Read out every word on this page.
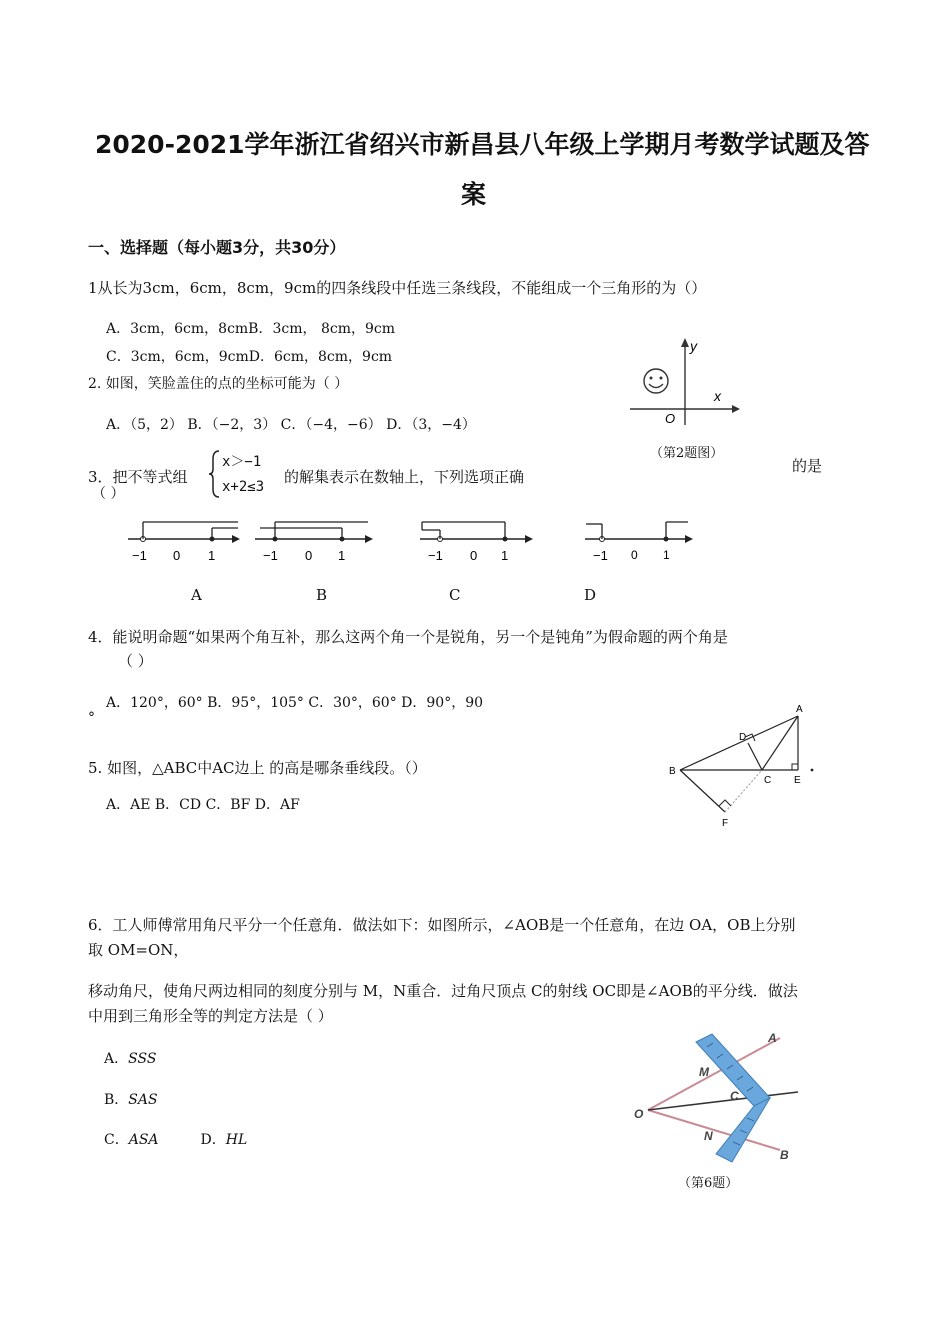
2020-2021学年浙江省绍兴市新昌县八年级上学期月考数学试题及答
案
一、选择题（每小题3分，共30分）
1从长为3cm，6cm，8cm，9cm的四条线段中任选三条线段，不能组成一个三角形的为（）
A．3cm，6cm，8cmB．3cm， 8cm，9cm
C．3cm，6cm，9cmD．6cm，8cm，9cm
2. 如图，笑脸盖住的点的坐标可能为（ ）
A．（5，2） B．（−2，3） C．（−4，−6） D．（3，−4）
y
x
O
（第2题图）
3．把不等式组
x＞−1
x+2≤3
的解集表示在数轴上，下列选项正确
的是
（ ）
−1 0 1	−1 0 1	−1 0 1	−1 0 1
A	B	C	D
4．能说明命题“如果两个角互补，那么这两个角一个是锐角，另一个是钝角”为假命题的两个角是
（ ）
A．120°，60° B．95°，105° C．30°，60° D．90°，90
°
5. 如图，△ABC中AC边上 的高是哪条垂线段。（）
A．AE B．CD C．BF D．AF
A
B
C
D
E
F
6．工人师傅常用角尺平分一个任意角．做法如下：如图所示，∠AOB是一个任意角，在边 OA，OB上分别
取 OM=ON，
移动角尺，使角尺两边相同的刻度分别与 M，N重合．过角尺顶点 C的射线 OC即是∠AOB的平分线．做法
中用到三角形全等的判定方法是（ ）
A．SSS
B．SAS
C．ASA	D．HL
A
B
O
M
N
C
（第6题）
